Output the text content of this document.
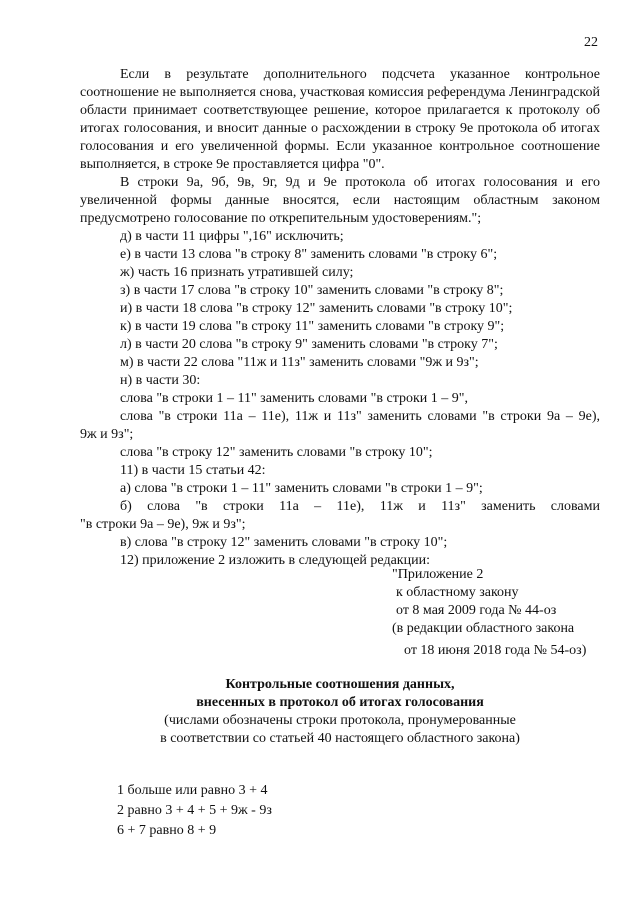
22
Если в результате дополнительного подсчета указанное контрольное соотношение не выполняется снова, участковая комиссия референдума Ленинградской области принимает соответствующее решение, которое прилагается к протоколу об итогах голосования, и вносит данные о расхождении в строку 9е протокола об итогах голосования и его увеличенной формы. Если указанное контрольное соотношение выполняется, в строке 9е проставляется цифра "0".
В строки 9а, 9б, 9в, 9г, 9д и 9е протокола об итогах голосования и его увеличенной формы данные вносятся, если настоящим областным законом предусмотрено голосование по открепительным удостоверениям.";
д) в части 11 цифры ",16" исключить;
е) в части 13 слова "в строку 8" заменить словами "в строку 6";
ж) часть 16 признать утратившей силу;
з) в части 17 слова "в строку 10" заменить словами "в строку 8";
и) в части 18 слова "в строку 12" заменить словами "в строку 10";
к) в части 19 слова "в строку 11" заменить словами "в строку 9";
л) в части 20 слова "в строку 9" заменить словами "в строку 7";
м) в части 22 слова "11ж и 11з" заменить словами "9ж и 9з";
н) в части 30:
слова "в строки 1 – 11" заменить словами "в строки 1 – 9",
слова "в строки 11а – 11е), 11ж и 11з" заменить словами "в строки 9а – 9е),
9ж и 9з";
слова "в строку 12" заменить словами "в строку 10";
11) в части 15 статьи 42:
а) слова "в строки 1 – 11" заменить словами "в строки 1 – 9";
б) слова "в строки 11а – 11е), 11ж и 11з" заменить словами
"в строки 9а – 9е), 9ж и 9з";
в) слова "в строку 12" заменить словами "в строку 10";
12) приложение 2 изложить в следующей редакции:
"Приложение 2
к областному закону
от 8 мая 2009 года № 44-оз
(в редакции областного закона
от 18 июня 2018 года № 54-оз)
Контрольные соотношения данных,
внесенных в протокол об итогах голосования
(числами обозначены строки протокола, пронумерованные
в соответствии со статьей 40 настоящего областного закона)
1 больше или равно 3 + 4
2 равно 3 + 4 + 5 + 9ж - 9з
6 + 7 равно 8 + 9
